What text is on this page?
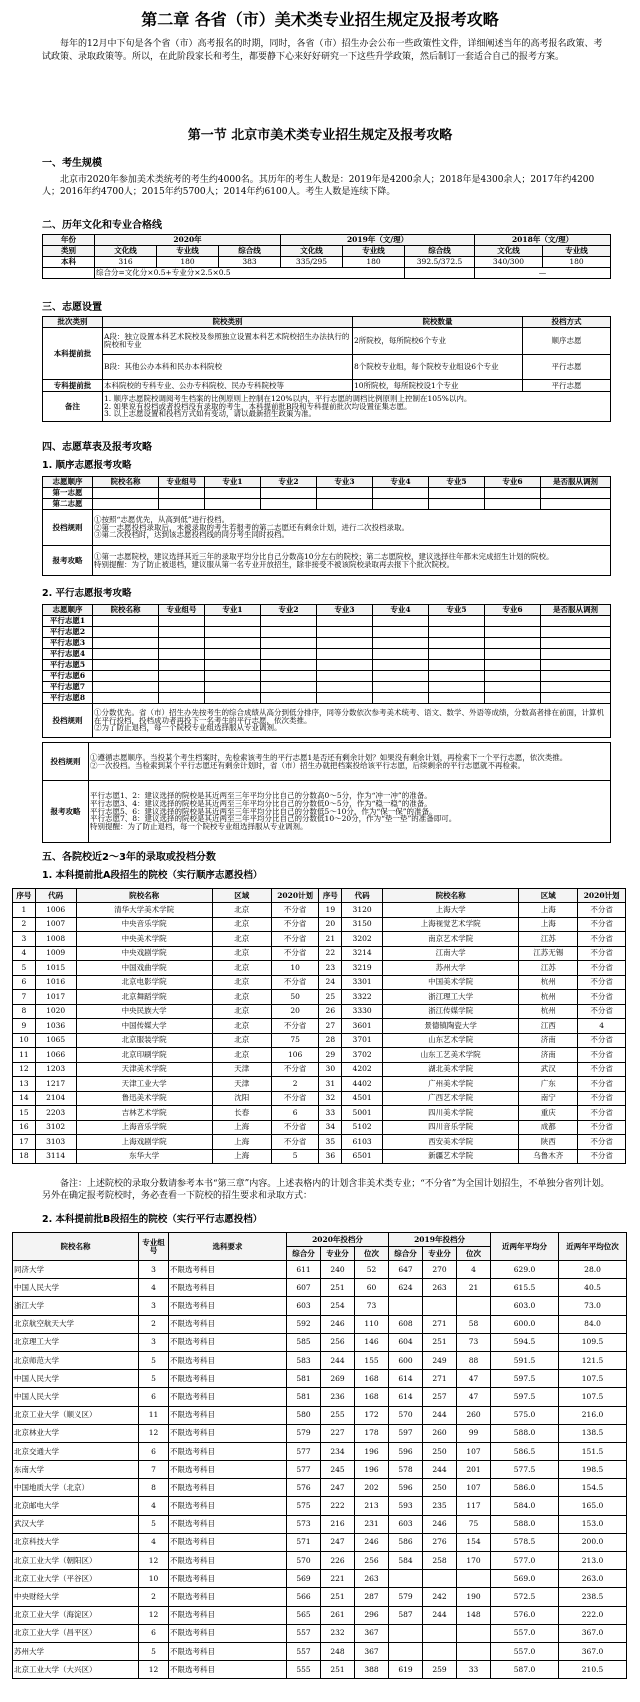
第二章 各省（市）美术类专业招生规定及报考攻略
每年的12月中下旬是各个省（市）高考报名的时期，同时，各省（市）招生办会公布一些政策性文件，详细阐述当年的高考报名政策、考试政策、录取政策等。所以，在此阶段家长和考生，都要静下心来好好研究一下这些升学政策，然后制订一套适合自己的报考方案。
第一节 北京市美术类专业招生规定及报考攻略
一、考生规模
北京市2020年参加美术类统考的考生约4000名。其历年的考生人数是：2019年是4200余人；2018年是4300余人；2017年约4200人；2016年约4700人；2015年约5700人；2014年约6100人。考生人数是连续下降。
二、历年文化和专业合格线
年份	2020年			2019年（文/理）			2018年（文/理）	
类别	文化线	专业线	综合线	文化线	专业线	综合线	文化线	专业线
本科	316	180	383	335/295	180	392.5/372.5	340/300	180
	综合分=文化分×0.5+专业分×2.5×0.5						—	
三、志愿设置
批次类别	院校类别	院校数量	投档方式
本科提前批	A段：独立设置本科艺术院校及参照独立设置本科艺术院校招生办法执行的院校和专业	2所院校，每所院校6个专业	顺序志愿
	B段：其他公办本科和民办本科院校	8个院校专业组，每个院校专业组设6个专业	平行志愿
专科提前批	本科院校的专科专业、公办专科院校、民办专科院校等	10所院校，每所院校设1个专业	平行志愿
备注	1. 顺序志愿院校调阅考生档案的比例原则上控制在120%以内，平行志愿的调档比例原则上控制在105%以内。
2. 如果说有投档或者投档没有录取的考生，本科提前批B段和专科提前批次均设置征集志愿。
3. 以上志愿设置和投档方式如有变动，请以最新招生政策为准。		
四、志愿草表及报考攻略
1. 顺序志愿报考攻略
志愿顺序	院校名称	专业组号	专业1	专业2	专业3	专业4	专业5	专业6	是否服从调剂
第一志愿									
第二志愿									
投档规则	①按照“志愿优先，从高到低”进行投档。
②第一志愿投档录取后，未被录取的考生若报考的第二志愿还有剩余计划，进行二次投档录取。
③第二次投档时，达到该志愿投档线的同分考生同时投档。								

报考攻略	①第一志愿院校，建议选择其近三年的录取平均分比自己分数高10分左右的院校；第二志愿院校，建议选择往年都未完成招生计划的院校。
特别提醒：为了防止被退档，建议服从第一名专业开放招生，除非接受不被该院校录取再去报下个批次院校。								
2. 平行志愿报考攻略
志愿顺序	院校名称	专业组号	专业1	专业2	专业3	专业4	专业5	专业6	是否服从调剂
平行志愿1									
平行志愿2									
平行志愿3									
平行志愿4									
平行志愿5									
平行志愿6									
平行志愿7									
平行志愿8									
投档规则	①分数优先。省（市）招生办先按考生的综合成绩从高分到低分排序，同等分数依次参考美术统考、语文、数学、外语等成绩，分数高者排在前面，计算机在平行投档，投档成功者再投下一名考生的平行志愿，依次类推。
②为了防止退档，每一个院校专业组选择服从专业调剂。								
投档规则	①遵循志愿顺序。当投某个考生档案时，先检索该考生的平行志愿1是否还有剩余计划？如果没有剩余计划，再检索下一个平行志愿，依次类推。
②一次投档。当检索到某个平行志愿还有剩余计划时，省（市）招生办就把档案投给该平行志愿，后续剩余的平行志愿就不再检索。

报考攻略	平行志愿1、2：建议选择的院校是其近两至三年平均分比自己的分数高0～5分，作为“冲一冲”的准备。
平行志愿3、4：建议选择的院校是其近两至三年平均分比自己的分数低0～5分，作为“稳一稳”的准备。
平行志愿5、6：建议选择的院校是其近两至三年平均分比自己的分数低5～10分，作为“保一保”的准备。
平行志愿7、8：建议选择的院校是其近两至三年平均分比自己的分数低10～20分，作为“垫一垫”的准备即可。
特别提醒：为了防止退档，每一个院校专业组选择服从专业调剂。
五、各院校近2～3年的录取或投档分数
1. 本科提前批A段招生的院校（实行顺序志愿投档）
序号	代码	院校名称	区域	2020计划	序号	代码	院校名称	区域	2020计划
1	1006	清华大学美术学院	北京	不分省	19	3120	上海大学	上海	不分省
2	1007	中央音乐学院	北京	不分省	20	3150	上海视觉艺术学院	上海	不分省
3	1008	中央美术学院	北京	不分省	21	3202	南京艺术学院	江苏	不分省
4	1009	中央戏剧学院	北京	不分省	22	3214	江南大学	江苏无锡	不分省
5	1015	中国戏曲学院	北京	10	23	3219	苏州大学	江苏	不分省
6	1016	北京电影学院	北京	不分省	24	3301	中国美术学院	杭州	不分省
7	1017	北京舞蹈学院	北京	50	25	3322	浙江理工大学	杭州	不分省
8	1020	中央民族大学	北京	20	26	3330	浙江传媒学院	杭州	不分省
9	1036	中国传媒大学	北京	不分省	27	3601	景德镇陶瓷大学	江西	4
10	1065	北京服装学院	北京	75	28	3701	山东艺术学院	济南	不分省
11	1066	北京印刷学院	北京	106	29	3702	山东工艺美术学院	济南	不分省
12	1203	天津美术学院	天津	不分省	30	4202	湖北美术学院	武汉	不分省
13	1217	天津工业大学	天津	2	31	4402	广州美术学院	广东	不分省
14	2104	鲁迅美术学院	沈阳	不分省	32	4501	广西艺术学院	南宁	不分省
15	2203	吉林艺术学院	长春	6	33	5001	四川美术学院	重庆	不分省
16	3102	上海音乐学院	上海	不分省	34	5102	四川音乐学院	成都	不分省
17	3103	上海戏剧学院	上海	不分省	35	6103	西安美术学院	陕西	不分省
18	3114	东华大学	上海	5	36	6501	新疆艺术学院	乌鲁木齐	不分省
备注：上述院校的录取分数请参考本书“第三章”内容。上述表格内的计划含非美术类专业；“不分省”为全国计划招生，不单独分省列计划。另外在确定报考院校时，务必查看一下院校的招生要求和录取方式：
2. 本科提前批B段招生的院校（实行平行志愿投档）
院校名称	专业组号	选科要求	2020年投档分			2019年投档分			近两年平均分	近两年平均位次
			综合分	专业分	位次	综合分	专业分	位次		
同济大学	3	不限选考科目	611	240	52	647	270	4	629.0	28.0
中国人民大学	4	不限选考科目	607	251	60	624	263	21	615.5	40.5
浙江大学	3	不限选考科目	603	254	73				603.0	73.0
北京航空航天大学	2	不限选考科目	592	246	110	608	271	58	600.0	84.0
北京理工大学	3	不限选考科目	585	256	146	604	251	73	594.5	109.5
北京师范大学	5	不限选考科目	583	244	155	600	249	88	591.5	121.5
中国人民大学	5	不限选考科目	581	269	168	614	271	47	597.5	107.5
中国人民大学	6	不限选考科目	581	236	168	614	257	47	597.5	107.5
北京工业大学（顺义区）	11	不限选考科目	580	255	172	570	244	260	575.0	216.0
北京林业大学	12	不限选考科目	579	227	178	597	260	99	588.0	138.5
北京交通大学	6	不限选考科目	577	234	196	596	250	107	586.5	151.5
东南大学	7	不限选考科目	577	245	196	578	244	201	577.5	198.5
中国地质大学（北京）	8	不限选考科目	576	247	202	596	250	107	586.0	154.5
北京邮电大学	4	不限选考科目	575	222	213	593	235	117	584.0	165.0
武汉大学	5	不限选考科目	573	216	231	603	246	75	588.0	153.0
北京科技大学	4	不限选考科目	571	247	246	586	276	154	578.5	200.0
北京工业大学（朝阳区）	12	不限选考科目	570	226	256	584	258	170	577.0	213.0
北京工业大学（平谷区）	10	不限选考科目	569	221	263				569.0	263.0
中央财经大学	2	不限选考科目	566	251	287	579	242	190	572.5	238.5
北京工业大学（海淀区）	12	不限选考科目	565	261	296	587	244	148	576.0	222.0
北京工业大学（昌平区）	6	不限选考科目	557	232	367				557.0	367.0
苏州大学	5	不限选考科目	557	248	367				557.0	367.0
北京工业大学（大兴区）	12	不限选考科目	555	251	388	619	259	33	587.0	210.5
